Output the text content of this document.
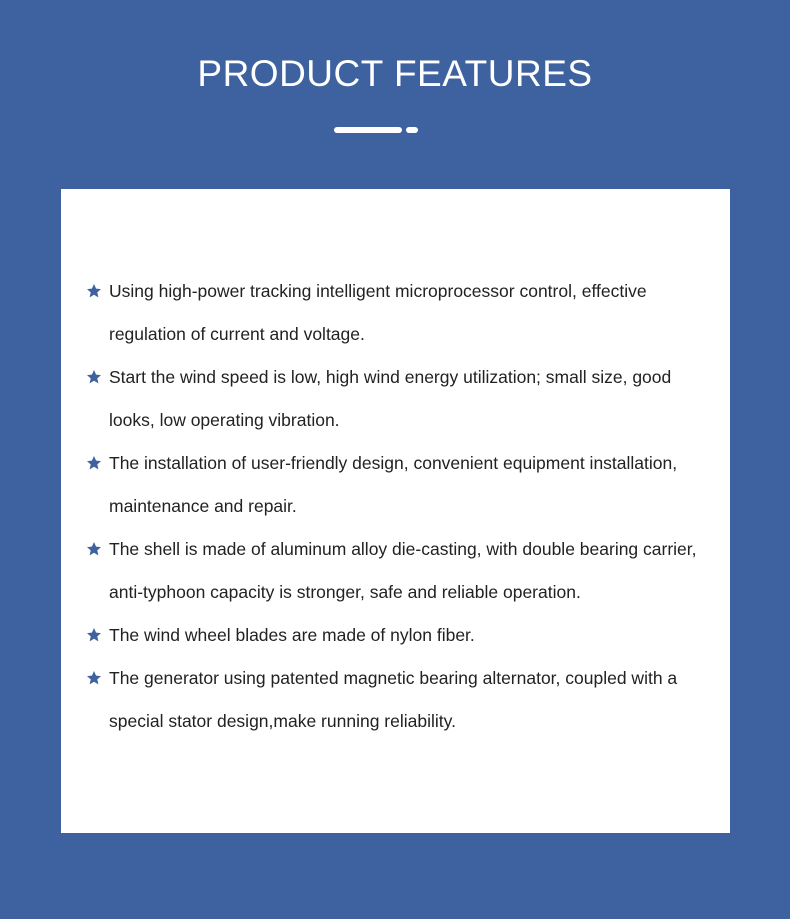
PRODUCT FEATURES
Using high-power tracking intelligent microprocessor control, effective regulation of current and voltage.
Start the wind speed is low, high wind energy utilization; small size, good looks, low operating vibration.
The installation of user-friendly design, convenient equipment installation, maintenance and repair.
The shell is made of aluminum alloy die-casting, with double bearing carrier, anti-typhoon capacity is stronger, safe and reliable operation.
The wind wheel blades are made of nylon fiber.
The generator using patented magnetic bearing alternator, coupled with a special stator design,make running reliability.
